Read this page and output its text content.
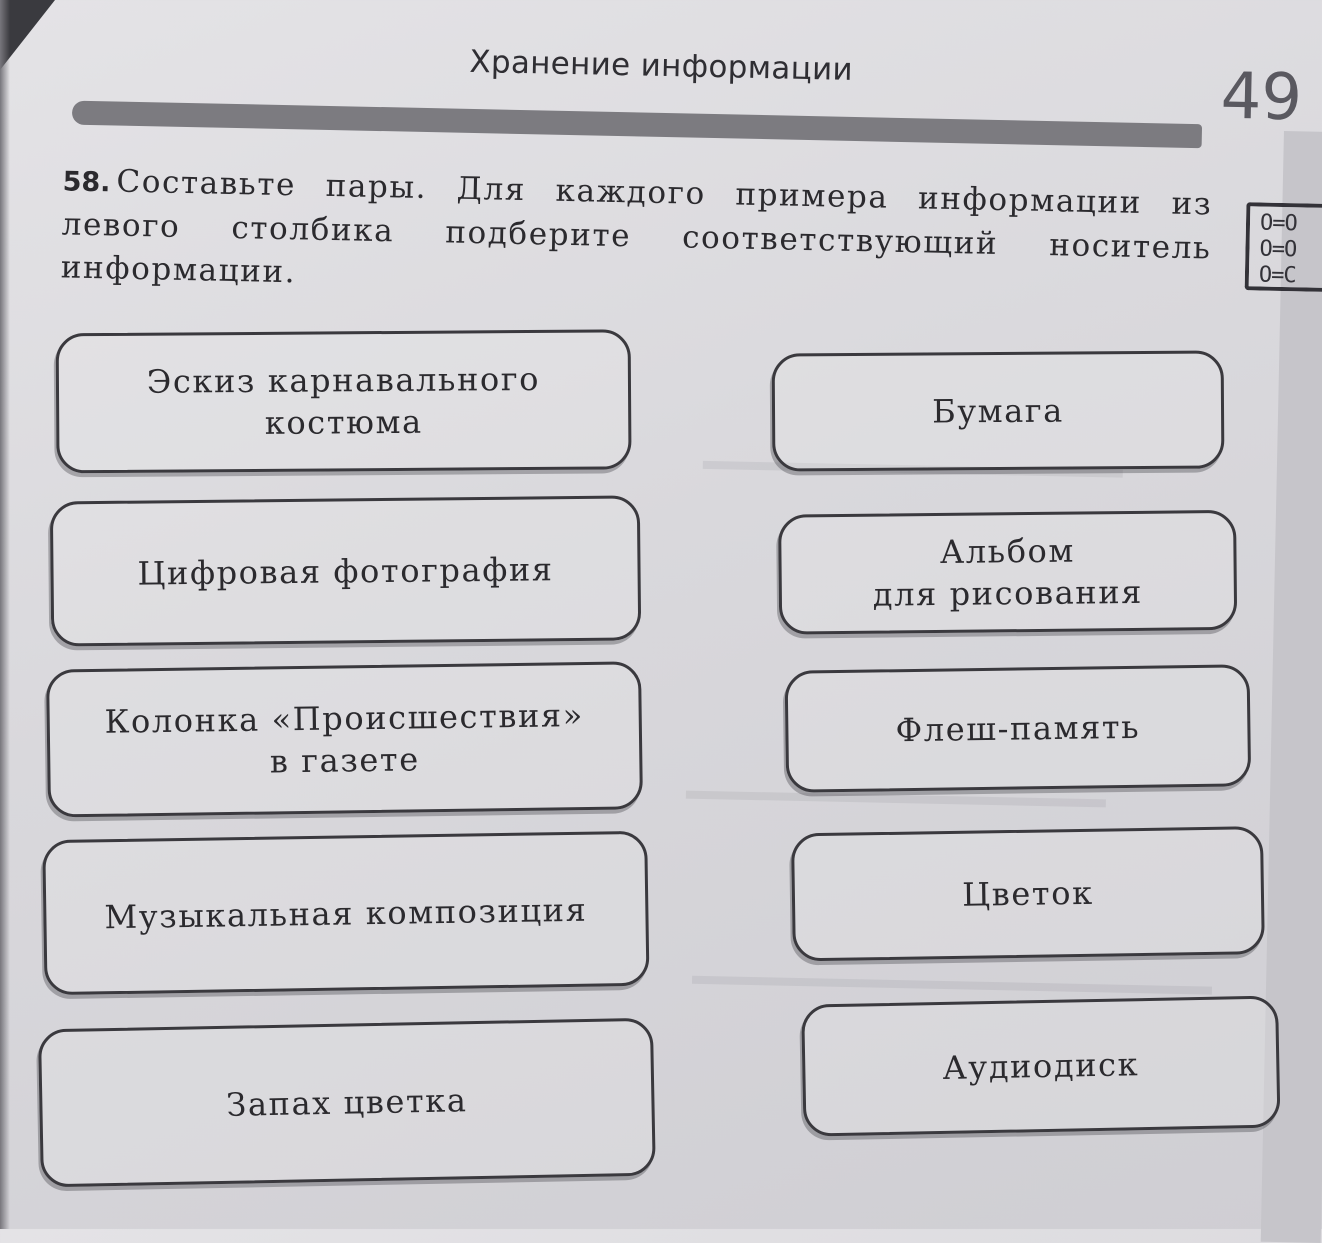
Хранение информации	49
58. Составьте пары. Для каждого примера информации из левого столбика подберите соответствующий носитель информации.
O=O
O=O
O=C
Эскиз карнавального
костюма
Цифровая фотография
Колонка «Происшествия»
в газете
Музыкальная композиция
Запах цветка
Бумага
Альбом
для рисования
Флеш-память
Цветок
Аудиодиск
